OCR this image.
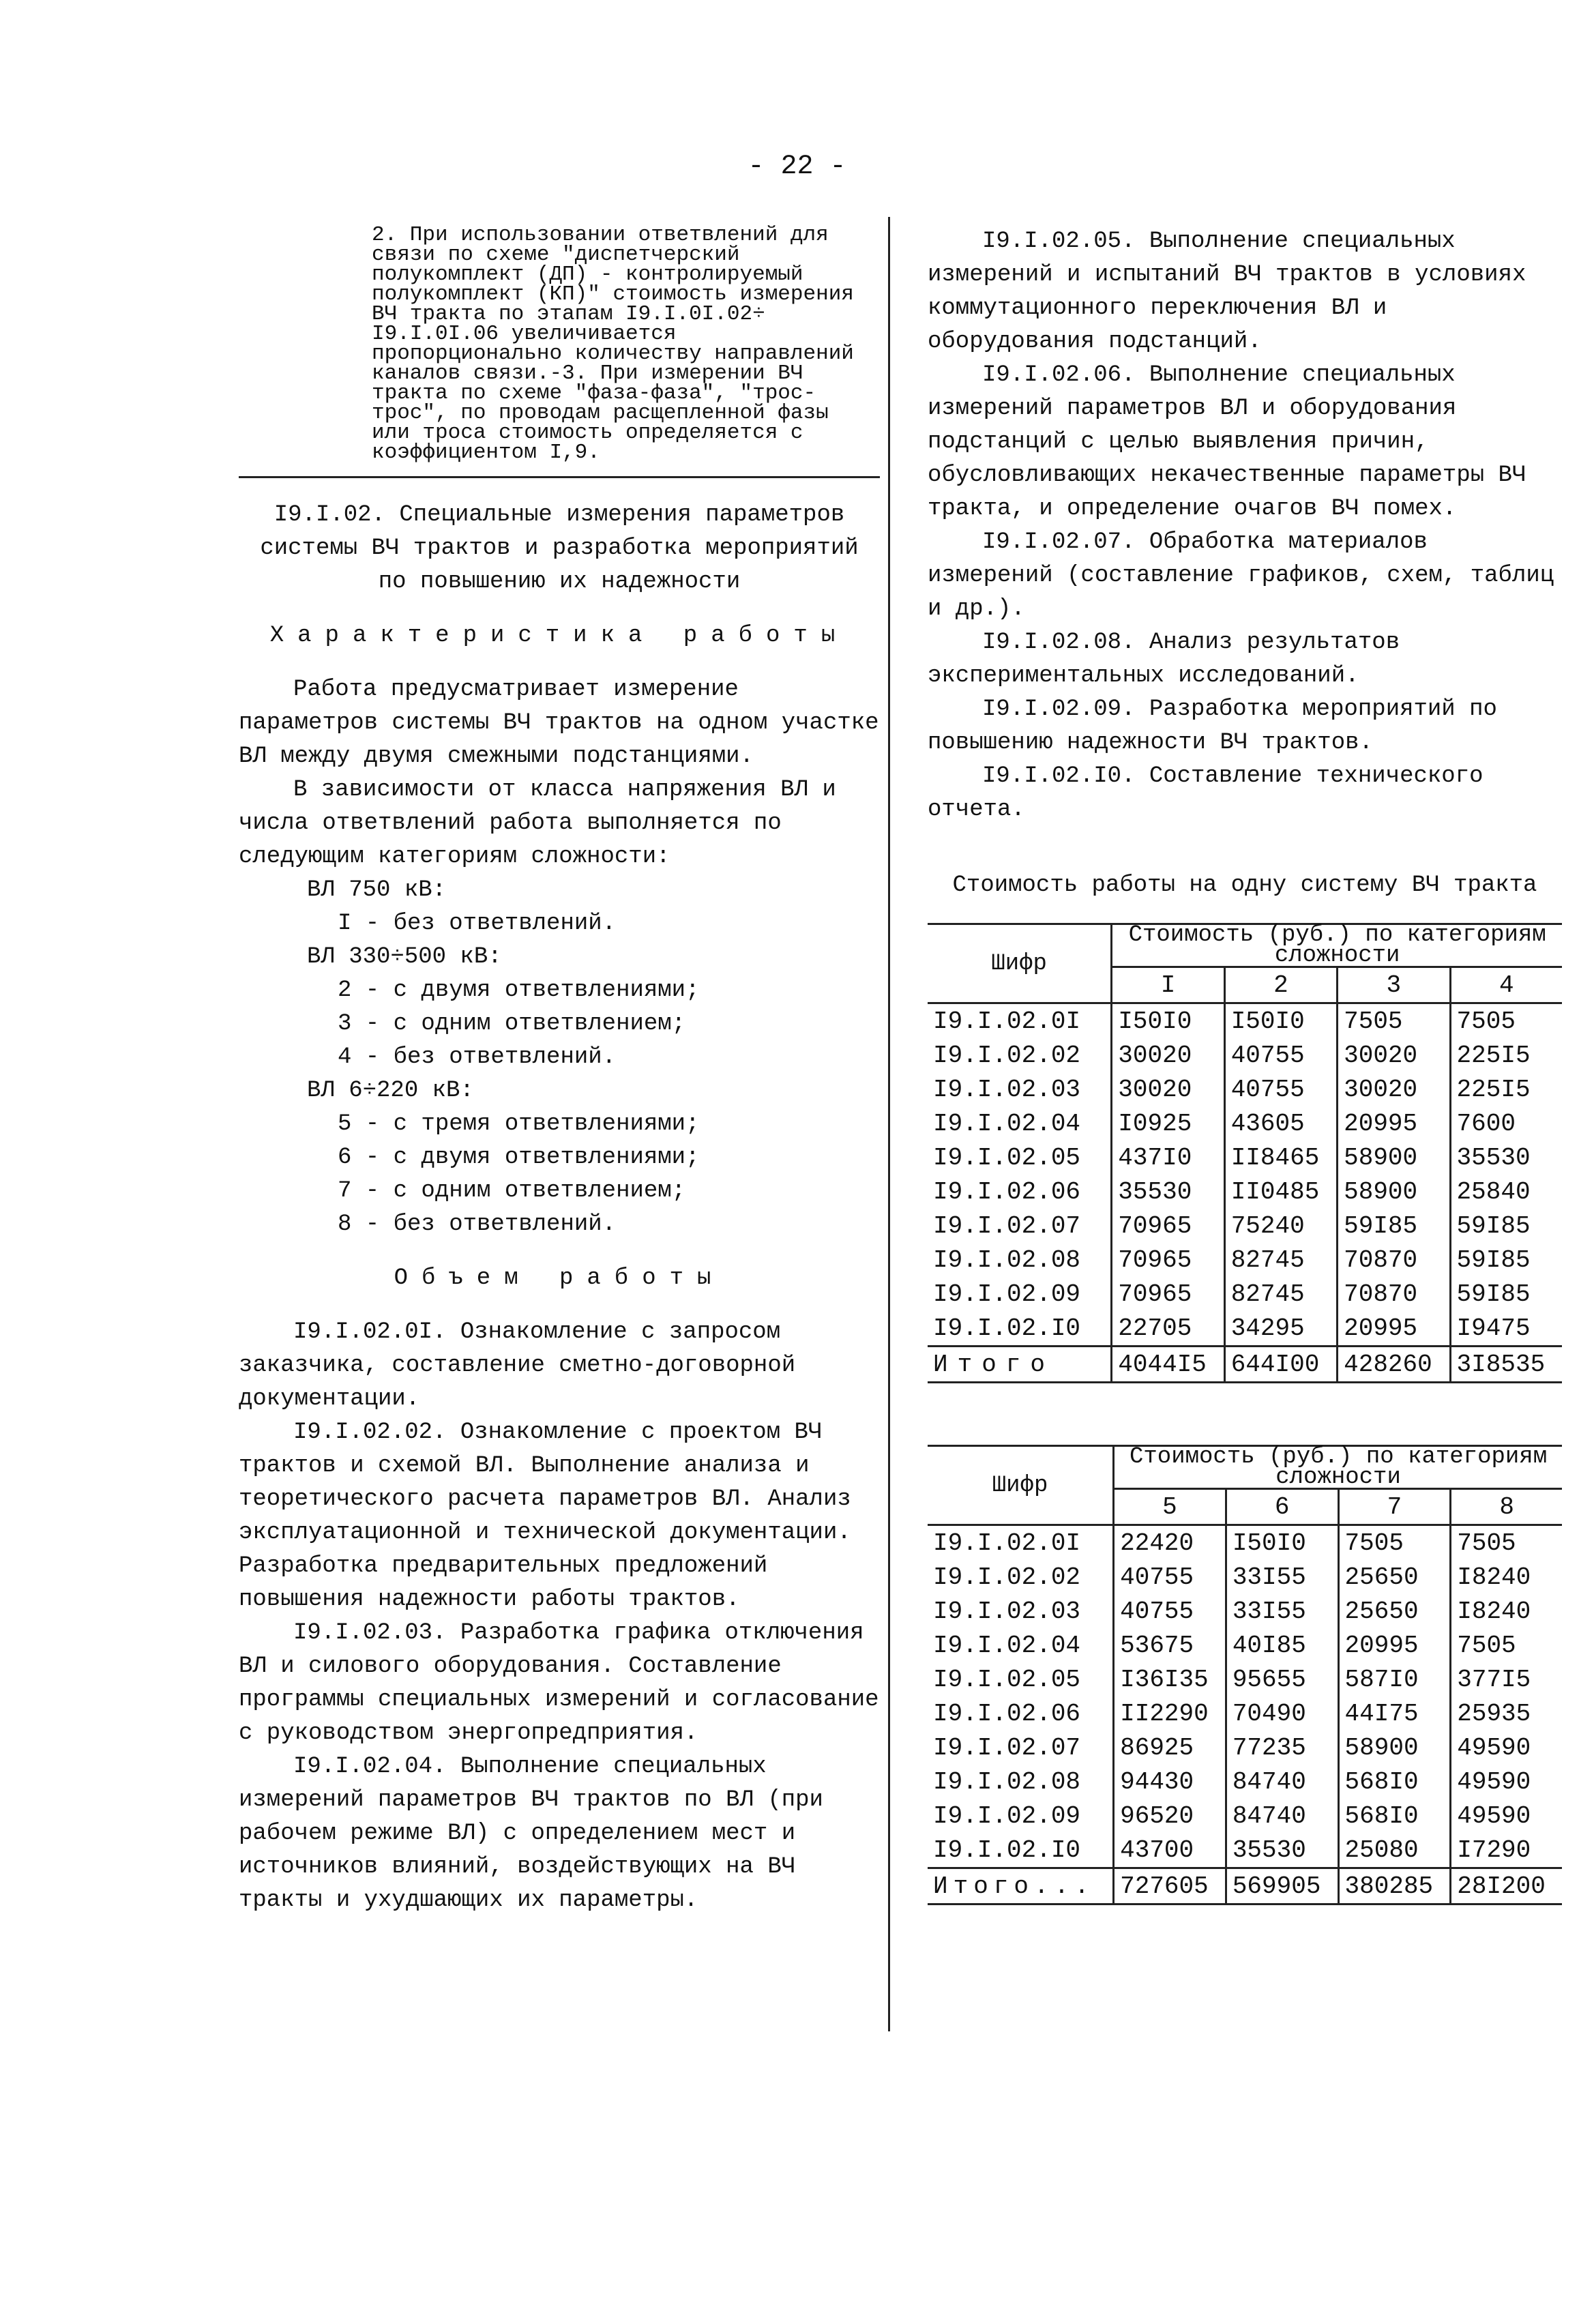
- 22 -
2. При использовании ответвлений для связи по схеме "диспетчерский полукомплект (ДП) - контролируемый полукомплект (КП)" стоимость измерения ВЧ тракта по этапам I9.I.0I.02÷ I9.I.0I.06 увеличивается пропорционально количеству направлений каналов связи.-3. При измерении ВЧ тракта по схеме "фаза-фаза", "трос-трос", по проводам расщепленной фазы или троса стоимость определяется с коэффициентом I,9.
I9.I.02. Специальные измерения параметров
системы ВЧ трактов и разработка мероприятий
по повышению их надежности
Характеристика работы
Работа предусматривает измерение параметров системы ВЧ трактов на одном участке ВЛ между двумя смежными подстанциями.
В зависимости от класса напряжения ВЛ и числа ответвлений работа выполняется по следующим категориям сложности:
ВЛ 750 кВ:
I - без ответвлений.
ВЛ 330÷500 кВ:
2 - с двумя ответвлениями;
3 - с одним ответвлением;
4 - без ответвлений.
ВЛ 6÷220 кВ:
5 - с тремя ответвлениями;
6 - с двумя ответвлениями;
7 - с одним ответвлением;
8 - без ответвлений.
Объем работы
I9.I.02.0I. Ознакомление с запросом заказчика, составление сметно-договорной документации.
I9.I.02.02. Ознакомление с проектом ВЧ трактов и схемой ВЛ. Выполнение анализа и теоретического расчета параметров ВЛ. Анализ эксплуатационной и технической документации. Разработка предварительных предложений повышения надежности работы трактов.
I9.I.02.03. Разработка графика отключения ВЛ и силового оборудования. Составление программы специальных измерений и согласование с руководством энергопредприятия.
I9.I.02.04. Выполнение специальных измерений параметров ВЧ трактов по ВЛ (при рабочем режиме ВЛ) с определением мест и источников влияний, воздействующих на ВЧ тракты и ухудшающих их параметры.
I9.I.02.05. Выполнение специальных измерений и испытаний ВЧ трактов в условиях коммутационного переключения ВЛ и оборудования подстанций.
I9.I.02.06. Выполнение специальных измерений параметров ВЛ и оборудования подстанций с целью выявления причин, обусловливающих некачественные параметры ВЧ тракта, и определение очагов ВЧ помех.
I9.I.02.07. Обработка материалов измерений (составление графиков, схем, таблиц и др.).
I9.I.02.08. Анализ результатов экспериментальных исследований.
I9.I.02.09. Разработка мероприятий по повышению надежности ВЧ трактов.
I9.I.02.I0. Составление технического отчета.
Стоимость работы на одну систему ВЧ тракта
Шифр	Стоимость (руб.) по категориям сложности			
	I	2	3	4
I9.I.02.0I	I50I0	I50I0	7505	7505
I9.I.02.02	30020	40755	30020	225I5
I9.I.02.03	30020	40755	30020	225I5
I9.I.02.04	I0925	43605	20995	7600
I9.I.02.05	437I0	II8465	58900	35530
I9.I.02.06	35530	II0485	58900	25840
I9.I.02.07	70965	75240	59I85	59I85
I9.I.02.08	70965	82745	70870	59I85
I9.I.02.09	70965	82745	70870	59I85
I9.I.02.I0	22705	34295	20995	I9475
Итого	4044I5	644I00	428260	3I8535
Шифр	Стоимость (руб.) по категориям сложности			
	5	6	7	8
I9.I.02.0I	22420	I50I0	7505	7505
I9.I.02.02	40755	33I55	25650	I8240
I9.I.02.03	40755	33I55	25650	I8240
I9.I.02.04	53675	40I85	20995	7505
I9.I.02.05	I36I35	95655	587I0	377I5
I9.I.02.06	II2290	70490	44I75	25935
I9.I.02.07	86925	77235	58900	49590
I9.I.02.08	94430	84740	568I0	49590
I9.I.02.09	96520	84740	568I0	49590
I9.I.02.I0	43700	35530	25080	I7290
Итого...	727605	569905	380285	28I200
